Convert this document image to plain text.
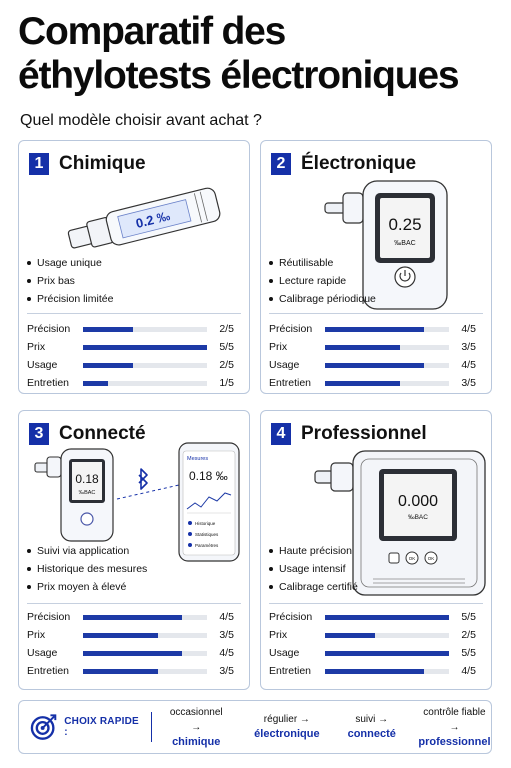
Comparatif des
éthylotests électroniques
Quel modèle choisir avant achat ?
1 Chimique
0.2 ‰
Usage unique
Prix bas
Précision limitée
Précision	2/5
Prix	5/5
Usage	2/5
Entretien	1/5
2 Électronique
0.25
‰BAC
Réutilisable
Lecture rapide
Calibrage périodique
Précision	4/5
Prix	3/5
Usage	4/5
Entretien	3/5
3 Connecté
0.18
‰BAC
Mesures
0.18 ‰
Historique
Statistiques
Paramètres
Suivi via application
Historique des mesures
Prix moyen à élevé
Précision	4/5
Prix	3/5
Usage	4/5
Entretien	3/5
4 Professionnel
0.000
‰BAC
OK	OK
Haute précision
Usage intensif
Calibrage certifié
Précision	5/5
Prix	2/5
Usage	5/5
Entretien	4/5
CHOIX RAPIDE :
occasionnel →
chimique
régulier →
électronique
suivi →
connecté
contrôle fiable →
professionnel
